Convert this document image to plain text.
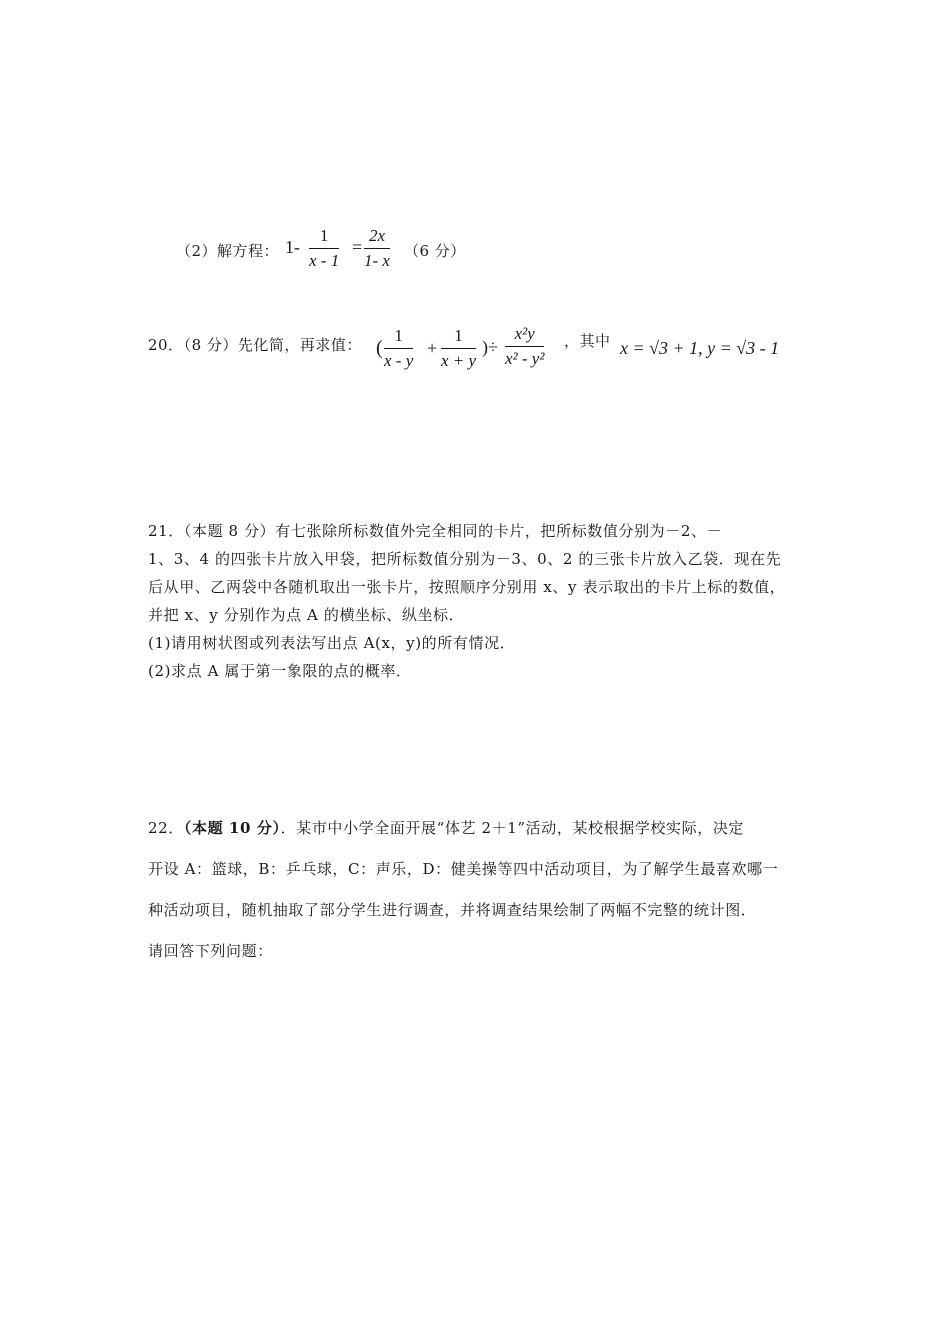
（2）解方程： 1-
1
x - 1
=
2x
1- x （6 分）
20．（8 分）先化简，再求值： (
1
x - y
+
1
x + y
)÷
x²y
x² - y²
，其中 x = √3 + 1, y = √3 - 1
21．（本题 8 分）有七张除所标数值外完全相同的卡片，把所标数值分别为－2、－
1、3、4 的四张卡片放入甲袋，把所标数值分别为－3、0、2 的三张卡片放入乙袋．现在先
后从甲、乙两袋中各随机取出一张卡片，按照顺序分别用 x、y 表示取出的卡片上标的数值，
并把 x、y 分别作为点 A 的横坐标、纵坐标．
(1)请用树状图或列表法写出点 A(x，y)的所有情况．
(2)求点 A 属于第一象限的点的概率．
22．（本题 10 分）．某市中小学全面开展“体艺 2＋1”活动，某校根据学校实际，决定
开设 A：篮球，B：乒乓球，C：声乐，D：健美操等四中活动项目，为了解学生最喜欢哪一
种活动项目，随机抽取了部分学生进行调查，并将调查结果绘制了两幅不完整的统计图．
请回答下列问题：
